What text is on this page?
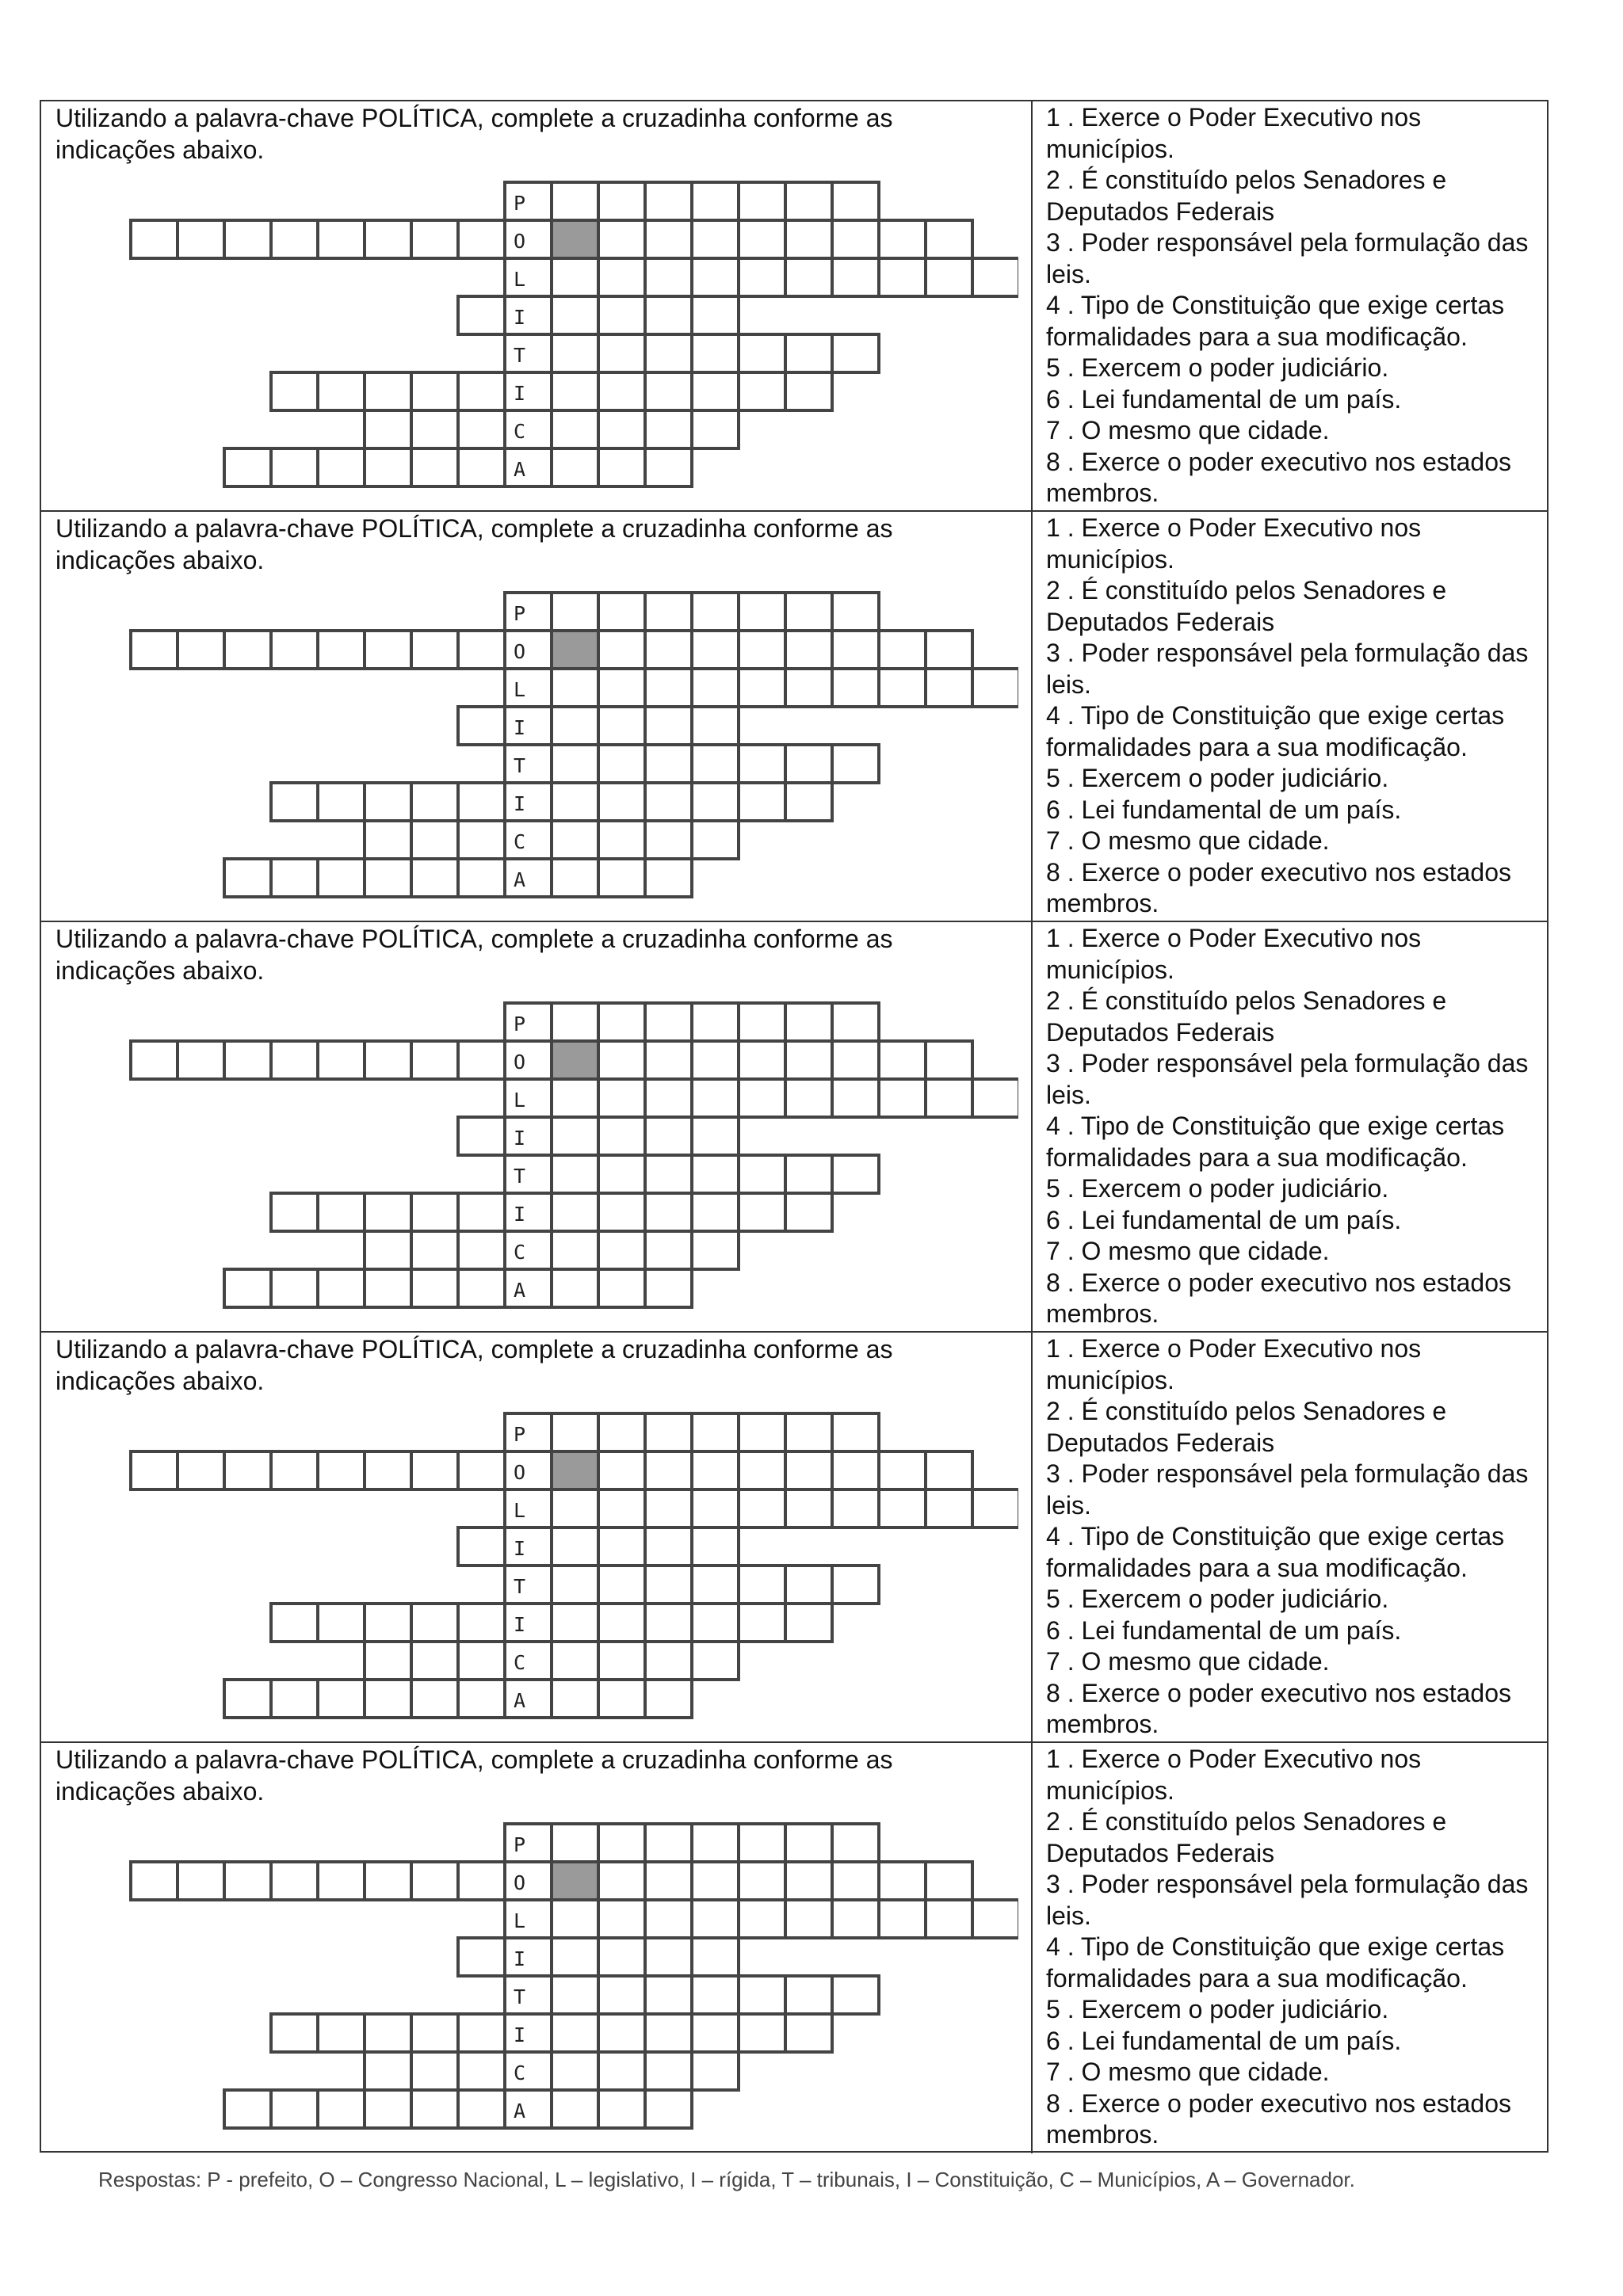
Utilizando a palavra-chave POLÍTICA, complete a cruzadinha conforme as indicações abaixo.

P
O
L
I
T
I
C
A
1 . Exerce o Poder Executivo nos municípios.
2 . É constituído pelos Senadores e Deputados Federais
3 . Poder responsável pela formulação das leis.
4 . Tipo de Constituição que exige certas formalidades para a sua modificação.
5 . Exercem o poder judiciário.
6 . Lei fundamental de um país.
7 . O mesmo que cidade.
8 . Exerce o poder executivo nos estados membros.

Utilizando a palavra-chave POLÍTICA, complete a cruzadinha conforme as indicações abaixo.

P
O
L
I
T
I
C
A
1 . Exerce o Poder Executivo nos municípios.
2 . É constituído pelos Senadores e Deputados Federais
3 . Poder responsável pela formulação das leis.
4 . Tipo de Constituição que exige certas formalidades para a sua modificação.
5 . Exercem o poder judiciário.
6 . Lei fundamental de um país.
7 . O mesmo que cidade.
8 . Exerce o poder executivo nos estados membros.

Utilizando a palavra-chave POLÍTICA, complete a cruzadinha conforme as indicações abaixo.

P
O
L
I
T
I
C
A
1 . Exerce o Poder Executivo nos municípios.
2 . É constituído pelos Senadores e Deputados Federais
3 . Poder responsável pela formulação das leis.
4 . Tipo de Constituição que exige certas formalidades para a sua modificação.
5 . Exercem o poder judiciário.
6 . Lei fundamental de um país.
7 . O mesmo que cidade.
8 . Exerce o poder executivo nos estados membros.

Utilizando a palavra-chave POLÍTICA, complete a cruzadinha conforme as indicações abaixo.

P
O
L
I
T
I
C
A
1 . Exerce o Poder Executivo nos municípios.
2 . É constituído pelos Senadores e Deputados Federais
3 . Poder responsável pela formulação das leis.
4 . Tipo de Constituição que exige certas formalidades para a sua modificação.
5 . Exercem o poder judiciário.
6 . Lei fundamental de um país.
7 . O mesmo que cidade.
8 . Exerce o poder executivo nos estados membros.

Utilizando a palavra-chave POLÍTICA, complete a cruzadinha conforme as indicações abaixo.

P
O
L
I
T
I
C
A
1 . Exerce o Poder Executivo nos municípios.
2 . É constituído pelos Senadores e Deputados Federais
3 . Poder responsável pela formulação das leis.
4 . Tipo de Constituição que exige certas formalidades para a sua modificação.
5 . Exercem o poder judiciário.
6 . Lei fundamental de um país.
7 . O mesmo que cidade.
8 . Exerce o poder executivo nos estados membros.

Respostas: P - prefeito, O – Congresso Nacional, L – legislativo, I – rígida, T – tribunais, I – Constituição, C – Municípios, A – Governador.
